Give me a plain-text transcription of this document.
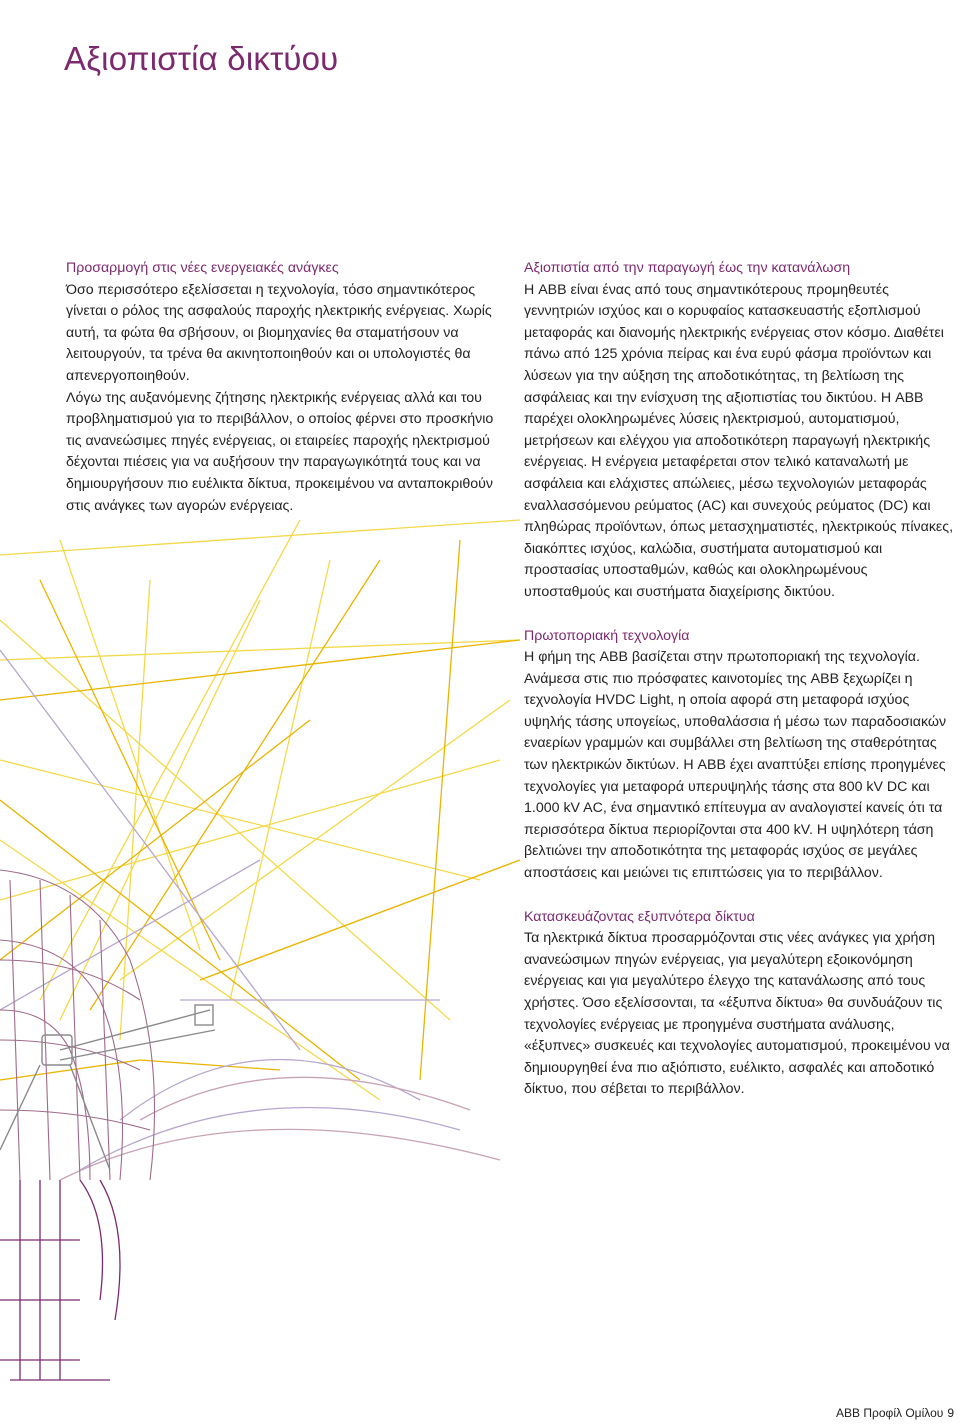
Αξιοπιστία δικτύου
Προσαρμογή στις νέες ενεργειακές ανάγκες

Όσο περισσότερο εξελίσσεται η τεχνολογία, τόσο σημαντικότερος γίνεται ο ρόλος της ασφαλούς παροχής ηλεκτρικής ενέργειας. Χωρίς αυτή, τα φώτα θα σβήσουν, οι βιομηχανίες θα σταματήσουν να λειτουργούν, τα τρένα θα ακινητοποιηθούν και οι υπολογιστές θα απενεργοποιηθούν.

Λόγω της αυξανόμενης ζήτησης ηλεκτρικής ενέργειας αλλά και του προβληματισμού για το περιβάλλον, ο οποίος φέρνει στο προσκήνιο τις ανανεώσιμες πηγές ενέργειας, οι εταιρείες παροχής ηλεκτρισμού δέχονται πιέσεις για να αυξήσουν την παραγωγικότητά τους και να δημιουργήσουν πιο ευέλικτα δίκτυα, προκειμένου να ανταποκριθούν στις ανάγκες των αγορών ενέργειας.

Αξιοπιστία από την παραγωγή έως την κατανάλωση

Η ABB είναι ένας από τους σημαντικότερους προμηθευτές γεννητριών ισχύος και ο κορυφαίος κατασκευαστής εξοπλισμού μεταφοράς και διανομής ηλεκτρικής ενέργειας στον κόσμο. Διαθέτει πάνω από 125 χρόνια πείρας και ένα ευρύ φάσμα προϊόντων και λύσεων για την αύξηση της αποδοτικότητας, τη βελτίωση της ασφάλειας και την ενίσχυση της αξιοπιστίας του δικτύου. Η ABB παρέχει ολοκληρωμένες λύσεις ηλεκτρισμού, αυτοματισμού, μετρήσεων και ελέγχου για αποδοτικότερη παραγωγή ηλεκτρικής ενέργειας. Η ενέργεια μεταφέρεται στον τελικό καταναλωτή με ασφάλεια και ελάχιστες απώλειες, μέσω τεχνολογιών μεταφοράς εναλλασσόμενου ρεύματος (AC) και συνεχούς ρεύματος (DC) και πληθώρας προϊόντων, όπως μετασχηματιστές, ηλεκτρικούς πίνακες, διακόπτες ισχύος, καλώδια, συστήματα αυτοματισμού και προστασίας υποσταθμών, καθώς και ολοκληρωμένους υποσταθμούς και συστήματα διαχείρισης δικτύου.

Πρωτοποριακή τεχνολογία

Η φήμη της ABB βασίζεται στην πρωτοποριακή της τεχνολογία. Ανάμεσα στις πιο πρόσφατες καινοτομίες της ABB ξεχωρίζει η τεχνολογία HVDC Light, η οποία αφορά στη μεταφορά ισχύος υψηλής τάσης υπογείως, υποθαλάσσια ή μέσω των παραδοσιακών εναερίων γραμμών και συμβάλλει στη βελτίωση της σταθερότητας των ηλεκτρικών δικτύων. Η ABB έχει αναπτύξει επίσης προηγμένες τεχνολογίες για μεταφορά υπερυψηλής τάσης στα 800 kV DC και 1.000 kV AC, ένα σημαντικό επίτευγμα αν αναλογιστεί κανείς ότι τα περισσότερα δίκτυα περιορίζονται στα 400 kV. Η υψηλότερη τάση βελτιώνει την αποδοτικότητα της μεταφοράς ισχύος σε μεγάλες αποστάσεις και μειώνει τις επιπτώσεις για το περιβάλλον.

Κατασκευάζοντας εξυπνότερα δίκτυα

Τα ηλεκτρικά δίκτυα προσαρμόζονται στις νέες ανάγκες για χρήση ανανεώσιμων πηγών ενέργειας, για μεγαλύτερη εξοικονόμηση ενέργειας και για μεγαλύτερο έλεγχο της κατανάλωσης από τους χρήστες. Όσο εξελίσσονται, τα «έξυπνα δίκτυα» θα συνδυάζουν τις τεχνολογίες ενέργειας με προηγμένα συστήματα ανάλυσης, «έξυπνες» συσκευές και τεχνολογίες αυτοματισμού, προκειμένου να δημιουργηθεί ένα πιο αξιόπιστο, ευέλικτο, ασφαλές και αποδοτικό δίκτυο, που σέβεται το περιβάλλον.

ABB Προφίλ Ομίλου 9
